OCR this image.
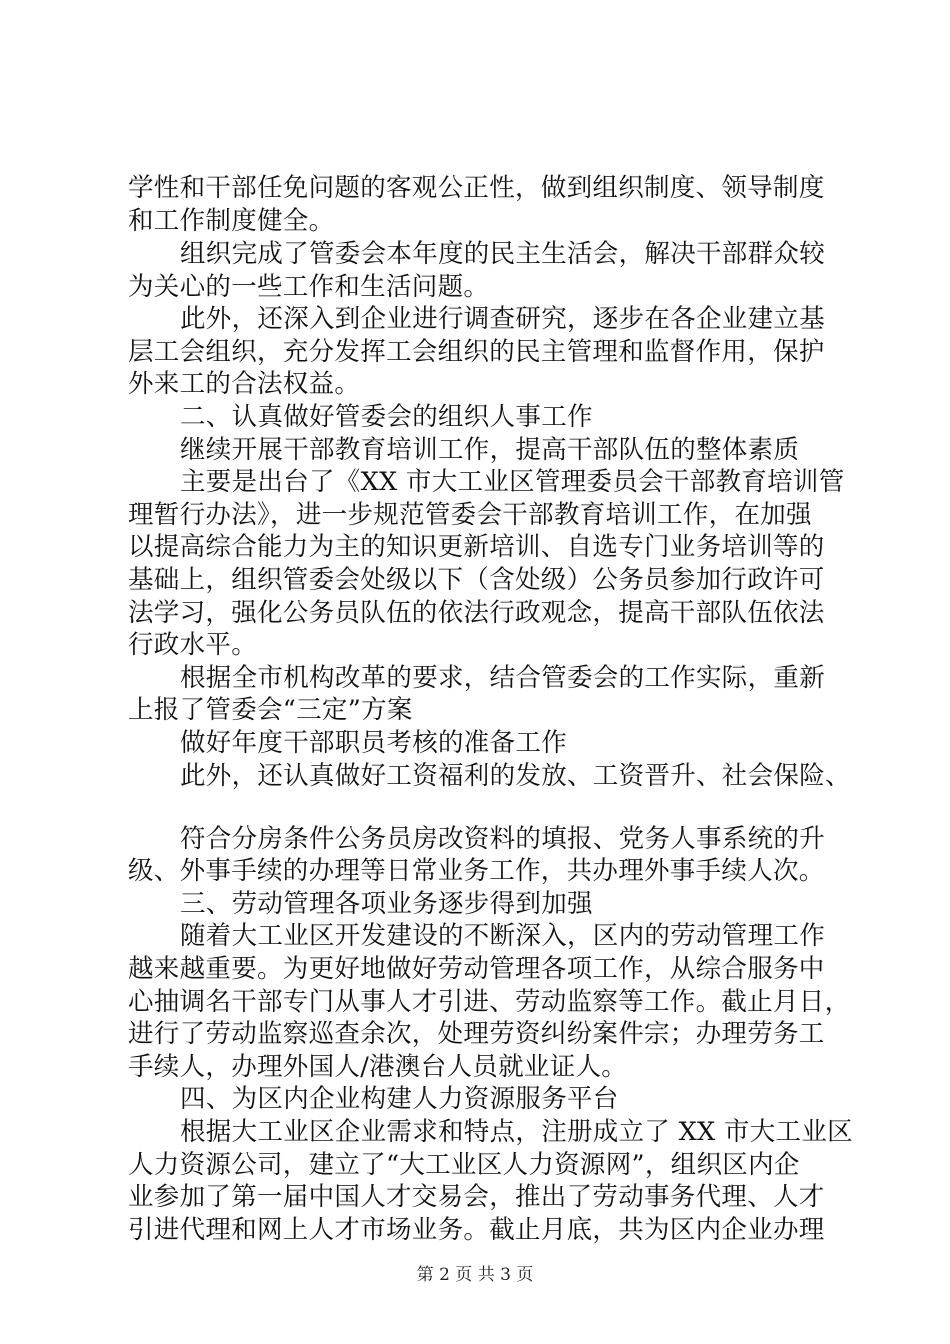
学性和干部任免问题的客观公正性，做到组织制度、领导制度
和工作制度健全。
组织完成了管委会本年度的民主生活会，解决干部群众较
为关心的一些工作和生活问题。
此外，还深入到企业进行调查研究，逐步在各企业建立基
层工会组织，充分发挥工会组织的民主管理和监督作用，保护
外来工的合法权益。
二、认真做好管委会的组织人事工作
继续开展干部教育培训工作，提高干部队伍的整体素质
主要是出台了《XX 市大工业区管理委员会干部教育培训管
理暂行办法》，进一步规范管委会干部教育培训工作，在加强
以提高综合能力为主的知识更新培训、自选专门业务培训等的
基础上，组织管委会处级以下（含处级）公务员参加行政许可
法学习，强化公务员队伍的依法行政观念，提高干部队伍依法
行政水平。
根据全市机构改革的要求，结合管委会的工作实际，重新
上报了管委会“三定”方案
做好年度干部职员考核的准备工作
此外，还认真做好工资福利的发放、工资晋升、社会保险、
符合分房条件公务员房改资料的填报、党务人事系统的升
级、外事手续的办理等日常业务工作，共办理外事手续人次。
三、劳动管理各项业务逐步得到加强
随着大工业区开发建设的不断深入，区内的劳动管理工作
越来越重要。为更好地做好劳动管理各项工作，从综合服务中
心抽调名干部专门从事人才引进、劳动监察等工作。截止月日，
进行了劳动监察巡查余次，处理劳资纠纷案件宗；办理劳务工
手续人，办理外国人/港澳台人员就业证人。
四、为区内企业构建人力资源服务平台
根据大工业区企业需求和特点，注册成立了 XX 市大工业区
人力资源公司，建立了“大工业区人力资源网”，组织区内企
业参加了第一届中国人才交易会，推出了劳动事务代理、人才
引进代理和网上人才市场业务。截止月底，共为区内企业办理
第 2 页 共 3 页
